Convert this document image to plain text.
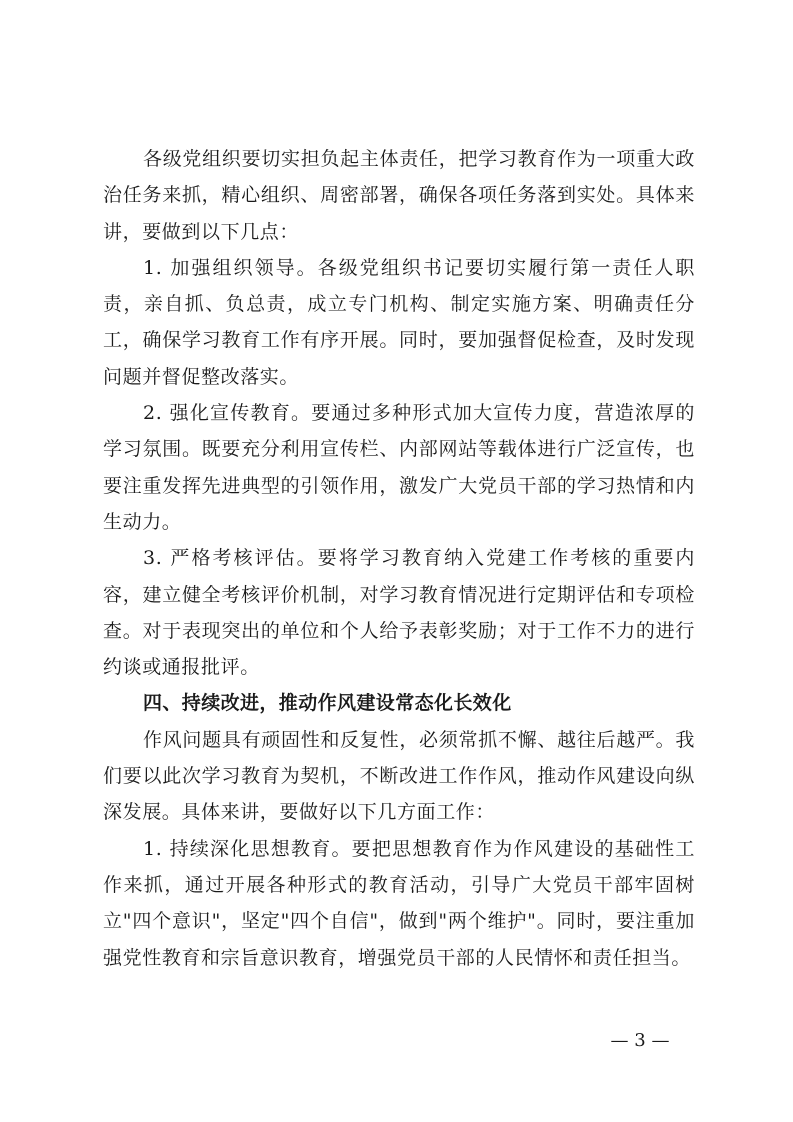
各级党组织要切实担负起主体责任，把学习教育作为一项重大政治任务来抓，精心组织、周密部署，确保各项任务落到实处。具体来讲，要做到以下几点：

1. 加强组织领导。各级党组织书记要切实履行第一责任人职责，亲自抓、负总责，成立专门机构、制定实施方案、明确责任分工，确保学习教育工作有序开展。同时，要加强督促检查，及时发现问题并督促整改落实。

2. 强化宣传教育。要通过多种形式加大宣传力度，营造浓厚的学习氛围。既要充分利用宣传栏、内部网站等载体进行广泛宣传，也要注重发挥先进典型的引领作用，激发广大党员干部的学习热情和内生动力。

3. 严格考核评估。要将学习教育纳入党建工作考核的重要内容，建立健全考核评价机制，对学习教育情况进行定期评估和专项检查。对于表现突出的单位和个人给予表彰奖励；对于工作不力的进行约谈或通报批评。

四、持续改进，推动作风建设常态化长效化

作风问题具有顽固性和反复性，必须常抓不懈、越往后越严。我们要以此次学习教育为契机，不断改进工作作风，推动作风建设向纵深发展。具体来讲，要做好以下几方面工作：

1. 持续深化思想教育。要把思想教育作为作风建设的基础性工作来抓，通过开展各种形式的教育活动，引导广大党员干部牢固树立"四个意识"，坚定"四个自信"，做到"两个维护"。同时，要注重加强党性教育和宗旨意识教育，增强党员干部的人民情怀和责任担当。

— 3 —
